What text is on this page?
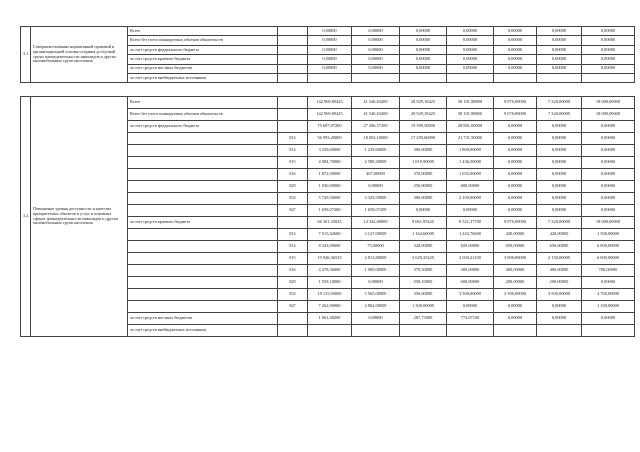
3.1.	Совершенствование нормативной правовой и организационной основы создания доступной среды жизнедеятельности инвалидов и других маломобильных групп населения	Всего		0,00000	0,00000	0,00000	0,00000	0,00000	0,00000	0,00000
		Всего без учета планируемых объемов обязательств		0,00000	0,00000	0,00000	0,00000	0,00000	0,00000	0,00000
		за счет средств федерального бюджета		0,00000	0,00000	0,00000	0,00000	0,00000	0,00000	0,00000
		за счет средств краевого бюджета		0,00000	0,00000	0,00000	0,00000	0,00000	0,00000	0,00000
		за счет средств местных бюджетов		0,00000	0,00000	0,00000	0,00000	0,00000	0,00000	0,00000
		за счет средств внебюджетных источников								
3.2.	Повышение уровня доступности и качества приоритетных объектов и услуг в основных сферах жизнедеятельности инвалидов и других маломобильных групп населения	Всего		142 969,80425	41 546,63200	28 929,18425	38 101,98800	9 070,00000	7 320,00000	18 000,00000
		Всего без учета планируемых объемов обязательств		142 969,80425	41 546,63200	28 929,18425	38 101,98800	9 070,00000	7 320,00000	18 000,00000
		за счет средств федерального бюджета		75 607,07200	27 206,57200	19 599,50000	28 801,00000	0,00000	0,00000	0,00000
			813	56 993,20000	18 002,10000	17 259,60000	21 731,50000	0,00000	0,00000	0,00000
			814	3 339,60000	1 239,60000	300,00000	1 800,00000	0,00000	0,00000	0,00000
			815	4 984,70000	2 588,30000	1 019,90000	1 436,50000	0,00000	0,00000	0,00000
			816	1 872,00000	467,00000	370,00000	1 035,00000	0,00000	0,00000	0,00000
			829	1 030,00000	0,00000	350,00000	680,00000	0,00000	0,00000	0,00000
			833	5 729,50000	3 329,50000	300,00000	2 100,00000	0,00000	0,00000	0,00000
			847	1 658,07200	1 658,07200	0,00000	0,00000	0,00000	0,00000	0,00000
		за счет средств краевого бюджета		66 301,33025	14 342,00000	9 061,95425	8 521,37700	9 070,00000	7 320,00000	18 000,00000
			813	7 015,42600	3 127,00000	1 164,60000	1 243,76600	420,00000	420,00000	1 500,00000
			814	8 343,00000	75,00000	320,00000	650,00000	650,00000	650,00000	6 000,00000
			815	19 926,36525	2 813,80000	3 029,35425	2 033,21100	3 900,00000	2 150,00000	6 000,00000
			816	4 278,36000	1 900,00000	379,50000	300,00000	400,00000	400,00000	700,00000
			829	1 558,10000	0,00000	558,10000	600,00000	200,00000	200,00000	0,00000
			833	19 115,00000	5 565,00000	350,00000	3 500,00000	3 500,00000	3 500,00000	4 700,00000
			847	7 262,00000	2 862,00000	1 300,00000	0,00000	0,00000	0,00000	1 100,00000
		за счет средств местных бюджетов		1 061,40200	0,00000	287,73000	773,67100	0,00000	0,00000	0,00000
		за счет средств внебюджетных источников								
